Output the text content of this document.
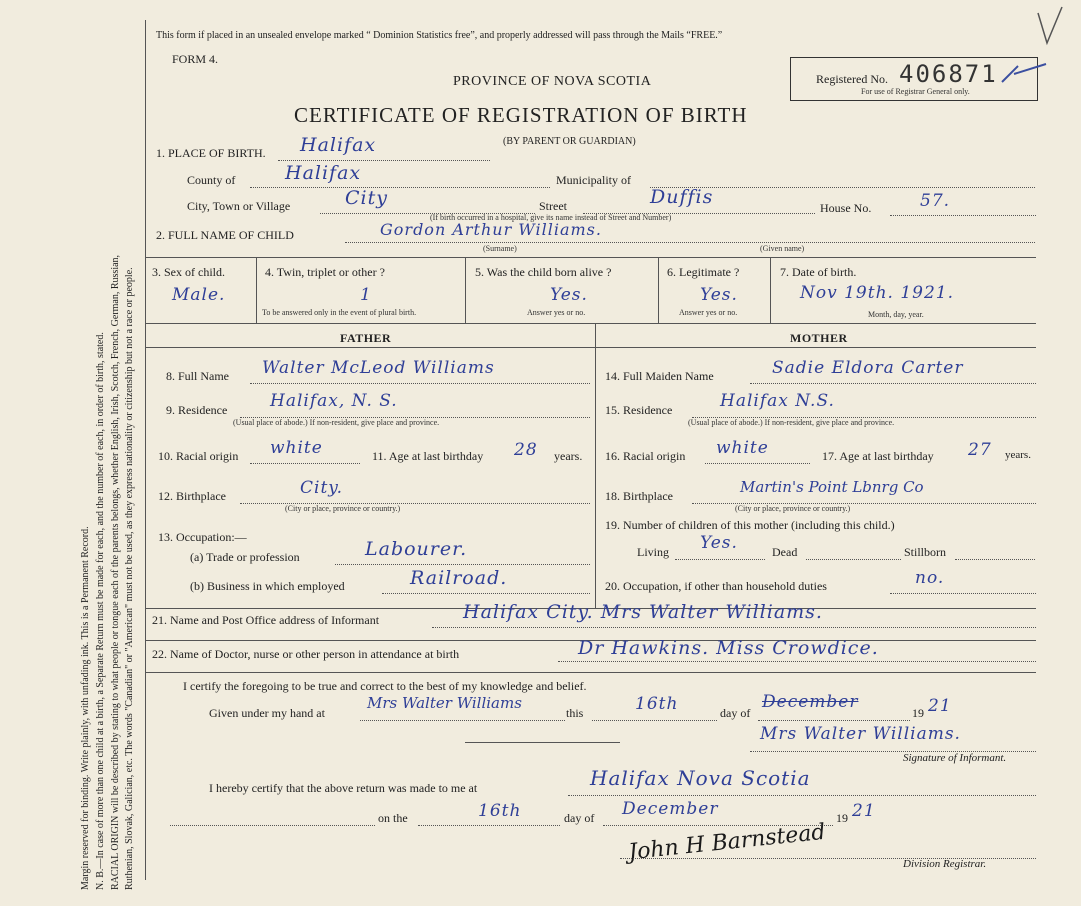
Margin reserved for binding. Write plainly, with unfading ink. This is a Permanent Record. N. B.—In case of more than one child at a birth, a Separate Return must be made for each, and the number of each, in order of birth, stated. RACIAL ORIGIN will be described by stating to what people or tongue each of the parents belongs, whether English, Irish, Scotch, French, German, Russian, Ruthenian, Slovak, Galician, etc. The words "Canadian" or "American" must not be used, as they express nationality or citizenship but not a race or people.
This form if placed in an unsealed envelope marked “ Dominion Statistics free”, and properly addressed will pass through the Mails “FREE.”
FORM 4.
Registered No. 406871
For use of Registrar General only.
PROVINCE OF NOVA SCOTIA
CERTIFICATE OF REGISTRATION OF BIRTH
(BY PARENT OR GUARDIAN)
1. PLACE OF BIRTH. Halifax
County of	Halifax	Municipality of
City, Town or Village	City	Street	Duffis	House No.	57.
(If birth occurred in a hospital, give its name instead of Street and Number)
2. FULL NAME OF CHILD	Gordon Arthur Williams.
(Surname)	(Given name)
3. Sex of child.
Male.
4. Twin, triplet or other ?
1
To be answered only in the event of plural birth.
5. Was the child born alive ?
Yes.
Answer yes or no.
6. Legitimate ?
Yes.
Answer yes or no.
7. Date of birth.
Nov 19th. 1921.
Month, day, year.
FATHER	MOTHER
8. Full Name Walter McLeod Williams
9. Residence	Halifax, N. S.
(Usual place of abode.) If non-resident, give place and province.
10. Racial origin white	11. Age at last birthday 28 years.
12. Birthplace	City.
(City or place, province or country.)
13. Occupation:—
(a) Trade or profession	Labourer.
(b) Business in which employed	Railroad.
14. Full Maiden Name	Sadie Eldora Carter
15. Residence	Halifax N.S.
(Usual place of abode.) If non-resident, give place and province.
16. Racial origin white	17. Age at last birthday 27 years.
18. Birthplace	Martin's Point Lbnrg Co
(City or place, province or country.)
19. Number of children of this mother (including this child.)
Living Yes.	Dead	Stillborn
20. Occupation, if other than household duties	no.
21. Name and Post Office address of Informant	Halifax City. Mrs Walter Williams.
22. Name of Doctor, nurse or other person in attendance at birth	Dr Hawkins. Miss Crowdice.
I certify the foregoing to be true and correct to the best of my knowledge and belief.
Given under my hand at
Mrs Walter Williams
this	16th	day of
December
19 21
Mrs Walter Williams.
Signature of Informant.
I hereby certify that the above return was made to me at	Halifax Nova Scotia
on the	16th	day of December	19 21
John H Barnstead	Division Registrar.
